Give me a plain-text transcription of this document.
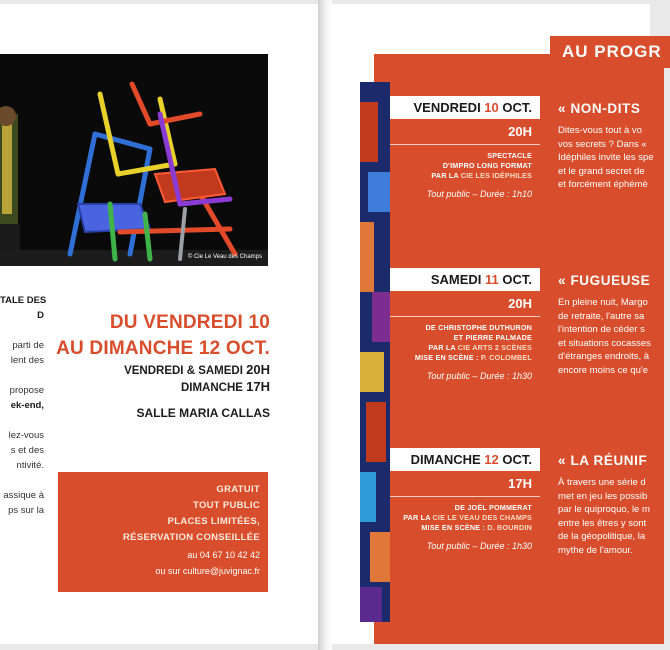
© Cie Le Veau des Champs
DU VENDREDI 10
AU DIMANCHE 12 OCT.
VENDREDI & SAMEDI 20H
DIMANCHE 17H
SALLE MARIA CALLAS
GRATUIT
TOUT PUBLIC
PLACES LIMITÉES,
RÉSERVATION CONSEILLÉE
au 04 67 10 42 42
ou sur culture@juvignac.fr
TALE DES
D
parti de
lent des
propose
ek-end,
lez-vous
s et des
ntivité.
assique à
ps sur la
AU PROGR
VENDREDI 10 OCT.
20H
SPECTACLE
D'IMPRO LONG FORMAT
PAR LA CIE LES IDÉPHILES
Tout public – Durée : 1h10
« NON-DITS
Dites-vous tout à vo
vos secrets ? Dans «
Idéphiles invite les spe
et le grand secret de
et forcément éphémè
SAMEDI 11 OCT.
20H
DE CHRISTOPHE DUTHURON
ET PIERRE PALMADE
PAR LA CIE ARTS 2 SCÈNES
MISE EN SCÈNE : P. COLOMBEL
Tout public – Durée : 1h30
« FUGUEUSE
En pleine nuit, Margo
de retraite, l'autre sa
l'intention de céder s
et situations cocasses
d'étranges endroits, à
encore moins ce qu'e
DIMANCHE 12 OCT.
17H
DE JOËL POMMERAT
PAR LA CIE LE VEAU DES CHAMPS
MISE EN SCÈNE : D. BOURDIN
Tout public – Durée : 1h30
« LA RÉUNIF
À travers une série d
met en jeu les possib
par le quiproquo, le m
entre les êtres y sont
de la géopolitique, la
mythe de l'amour.
